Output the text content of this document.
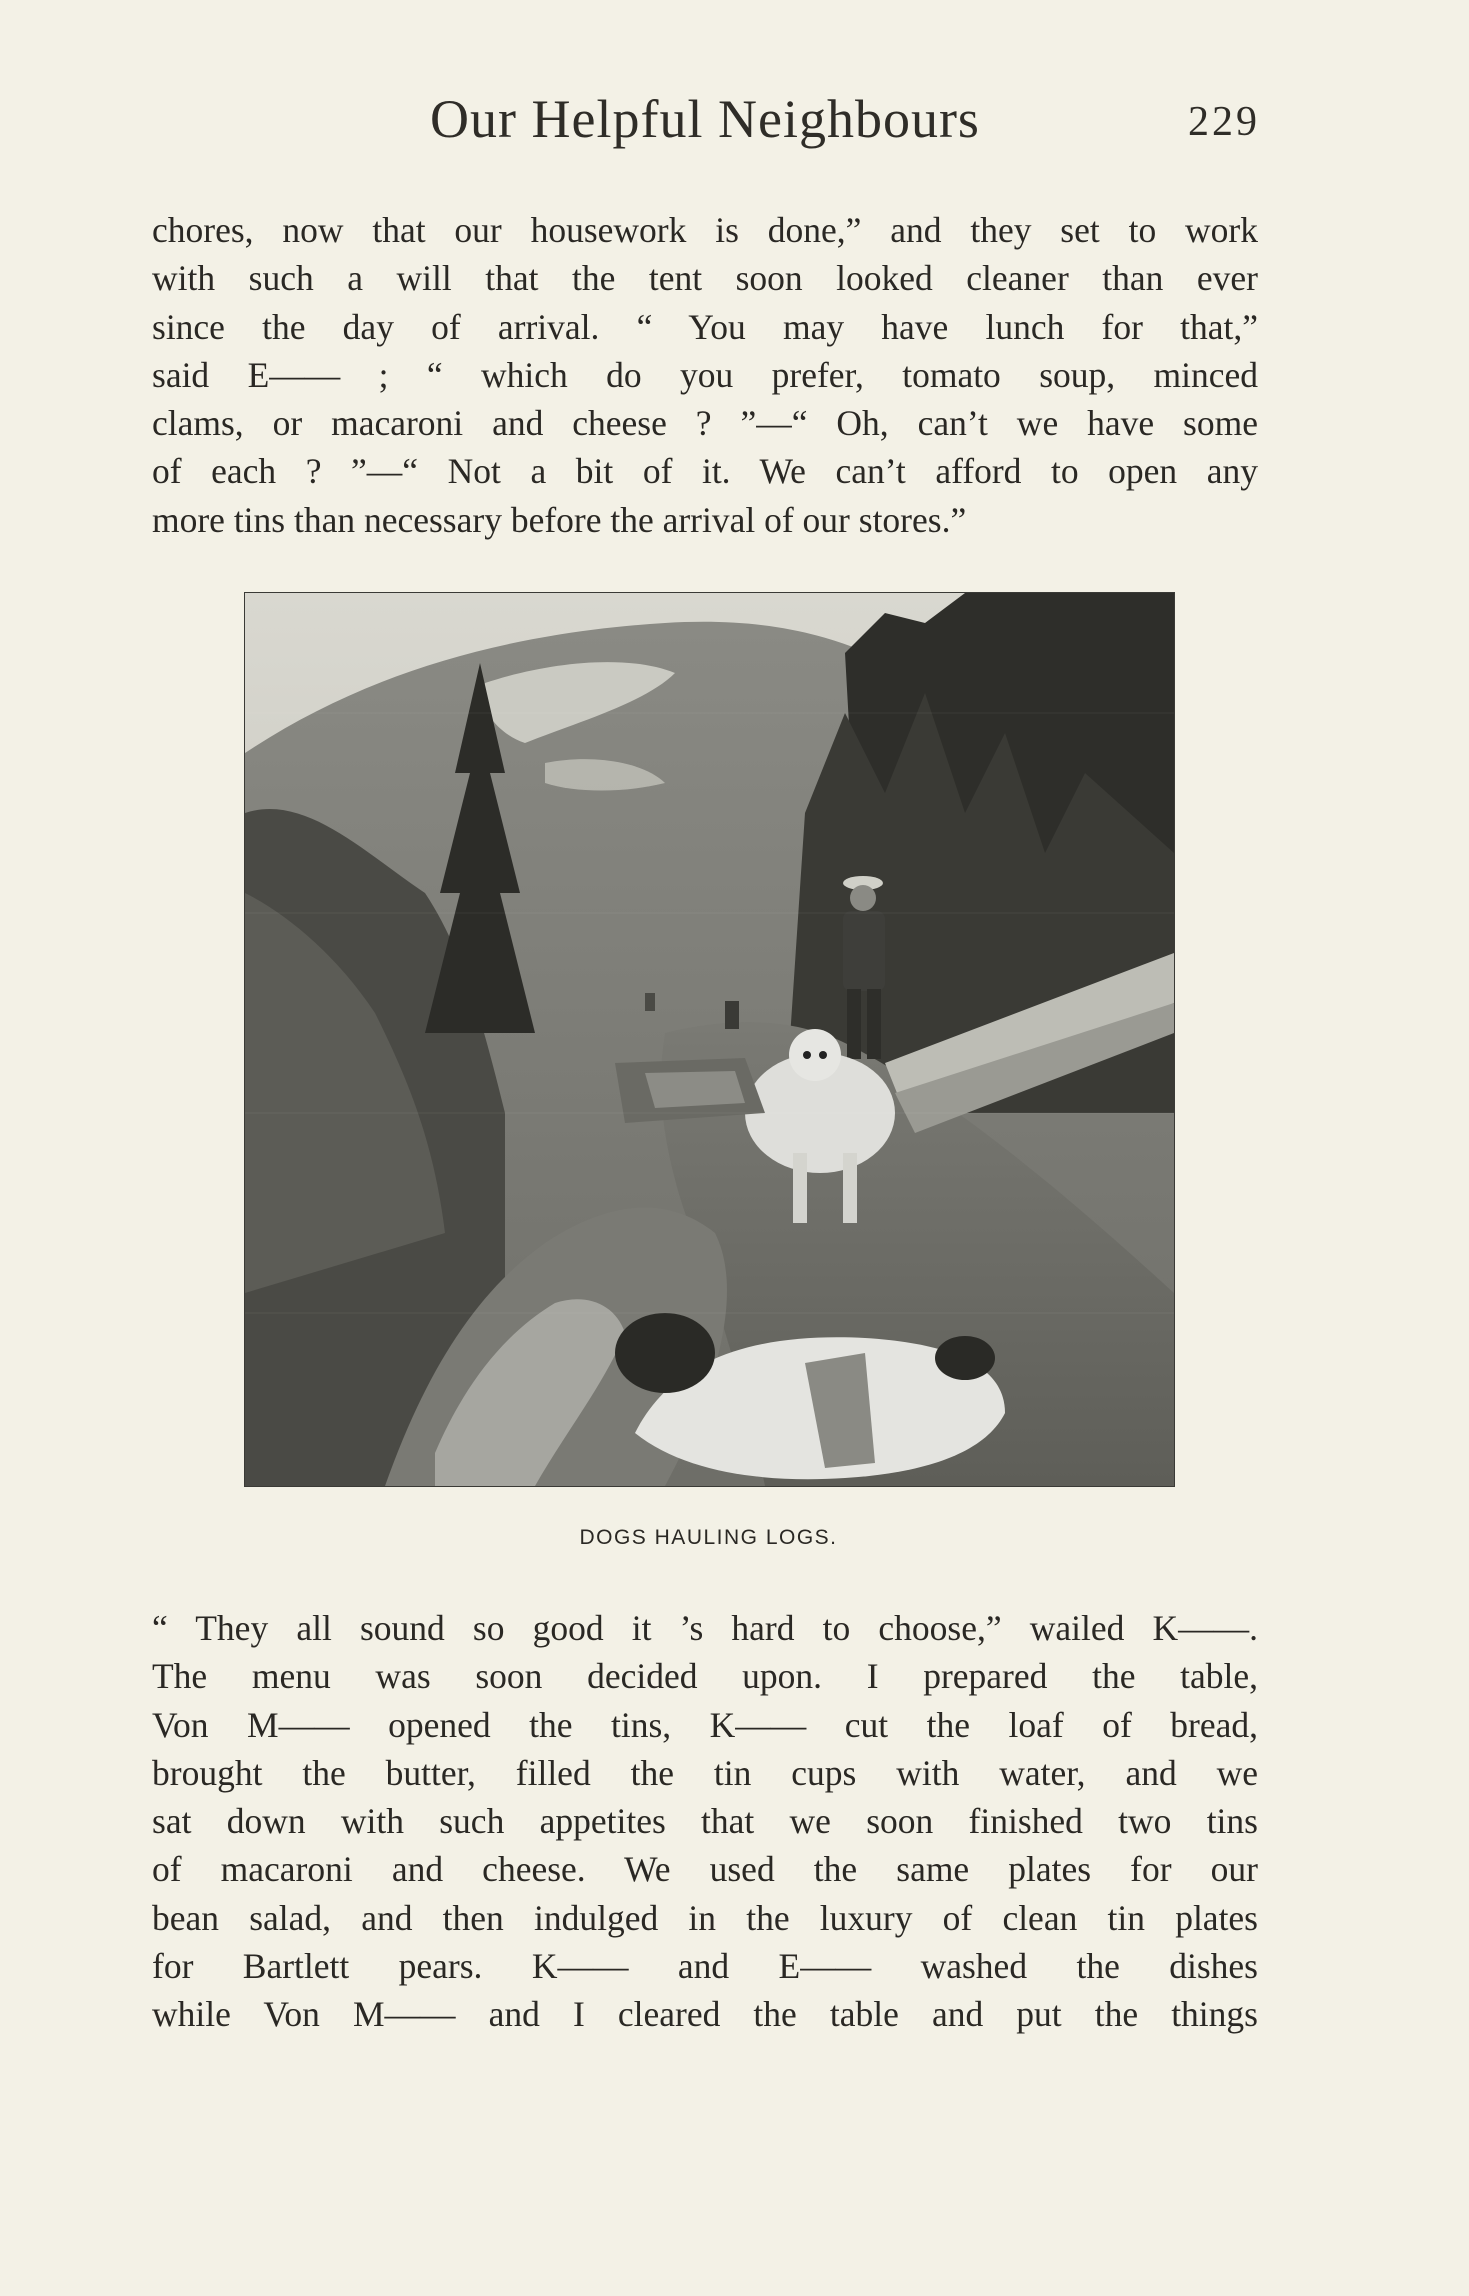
Our Helpful Neighbours	229
chores, now that our housework is done,” and they set to work
with such a will that the tent soon looked cleaner than ever
since the day of arrival. “ You may have lunch for that,”
said E—— ; “ which do you prefer, tomato soup, minced
clams, or macaroni and cheese ? ”—“ Oh, can’t we have some
of each ? ”—“ Not a bit of it. We can’t afford to open any
more tins than necessary before the arrival of our stores.”
DOGS HAULING LOGS.
“ They all sound so good it ’s hard to choose,” wailed K——.
The menu was soon decided upon. I prepared the table,
Von M—— opened the tins, K—— cut the loaf of bread,
brought the butter, filled the tin cups with water, and we
sat down with such appetites that we soon finished two tins
of macaroni and cheese. We used the same plates for our
bean salad, and then indulged in the luxury of clean tin plates
for Bartlett pears. K—— and E—— washed the dishes
while Von M—— and I cleared the table and put the things
